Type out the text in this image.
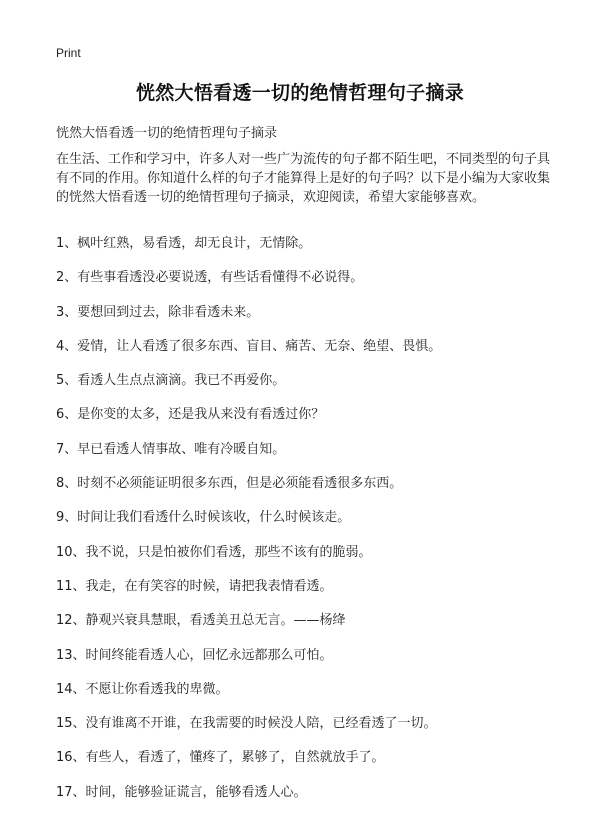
Print
恍然大悟看透一切的绝情哲理句子摘录
恍然大悟看透一切的绝情哲理句子摘录
在生活、工作和学习中，许多人对一些广为流传的句子都不陌生吧，不同类型的句子具有不同的作用。你知道什么样的句子才能算得上是好的句子吗？以下是小编为大家收集的恍然大悟看透一切的绝情哲理句子摘录，欢迎阅读，希望大家能够喜欢。
1、枫叶红熟，易看透，却无良计，无情除。
2、有些事看透没必要说透，有些话看懂得不必说得。
3、要想回到过去，除非看透未来。
4、爱情，让人看透了很多东西、盲目、痛苦、无奈、绝望、畏惧。
5、看透人生点点滴滴。我已不再爱你。
6、是你变的太多，还是我从来没有看透过你？
7、早已看透人情事故、唯有冷暖自知。
8、时刻不必须能证明很多东西，但是必须能看透很多东西。
9、时间让我们看透什么时候该收，什么时候该走。
10、我不说，只是怕被你们看透，那些不该有的脆弱。
11、我走，在有笑容的时候，请把我表情看透。
12、静观兴衰具慧眼，看透美丑总无言。——杨绛
13、时间终能看透人心，回忆永远都那么可怕。
14、不愿让你看透我的卑微。
15、没有谁离不开谁，在我需要的时候没人陪，已经看透了一切。
16、有些人，看透了，懂疼了，累够了，自然就放手了。
17、时间，能够验证谎言，能够看透人心。
